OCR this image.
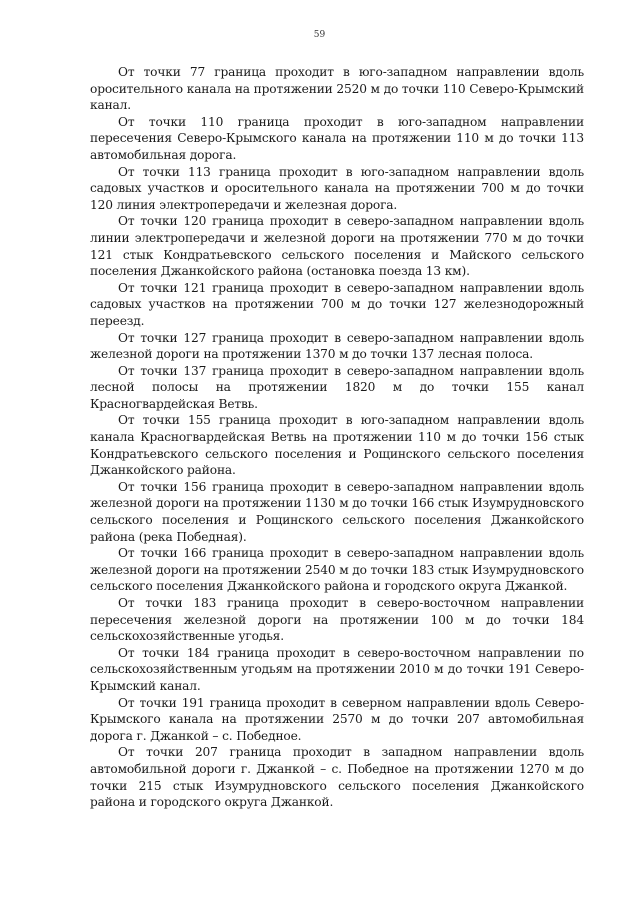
59

От точки 77 граница проходит в юго-западном направлении вдоль оросительного канала на протяжении 2520 м до точки 110 Северо-Крымский канал.

От точки 110 граница проходит в юго-западном направлении пересечения Северо-Крымского канала на протяжении 110 м до точки 113 автомобильная дорога.

От точки 113 граница проходит в юго-западном направлении вдоль садовых участков и оросительного канала на протяжении 700 м до точки 120 линия электропередачи и железная дорога.

От точки 120 граница проходит в северо-западном направлении вдоль линии электропередачи и железной дороги на протяжении 770 м до точки 121 стык Кондратьевского сельского поселения и Майского сельского поселения Джанкойского района (остановка поезда 13 км).

От точки 121 граница проходит в северо-западном направлении вдоль садовых участков на протяжении 700 м до точки 127 железнодорожный переезд.

От точки 127 граница проходит в северо-западном направлении вдоль железной дороги на протяжении 1370 м до точки 137 лесная полоса.

От точки 137 граница проходит в северо-западном направлении вдоль лесной полосы на протяжении 1820 м до точки 155 канал Красногвардейская Ветвь.

От точки 155 граница проходит в юго-западном направлении вдоль канала Красногвардейская Ветвь на протяжении 110 м до точки 156 стык Кондратьевского сельского поселения и Рощинского сельского поселения Джанкойского района.

От точки 156 граница проходит в северо-западном направлении вдоль железной дороги на протяжении 1130 м до точки 166 стык Изумрудновского сельского поселения и Рощинского сельского поселения Джанкойского района (река Победная).

От точки 166 граница проходит в северо-западном направлении вдоль железной дороги на протяжении 2540 м до точки 183 стык Изумрудновского сельского поселения Джанкойского района и городского округа Джанкой.

От точки 183 граница проходит в северо-восточном направлении пересечения железной дороги на протяжении 100 м до точки 184 сельскохозяйственные угодья.

От точки 184 граница проходит в северо-восточном направлении по сельскохозяйственным угодьям на протяжении 2010 м до точки 191 Северо-Крымский канал.

От точки 191 граница проходит в северном направлении вдоль Северо-Крымского канала на протяжении 2570 м до точки 207 автомобильная дорога г. Джанкой – с. Победное.

От точки 207 граница проходит в западном направлении вдоль автомобильной дороги г. Джанкой – с. Победное на протяжении 1270 м до точки 215 стык Изумрудновского сельского поселения Джанкойского района и городского округа Джанкой.
